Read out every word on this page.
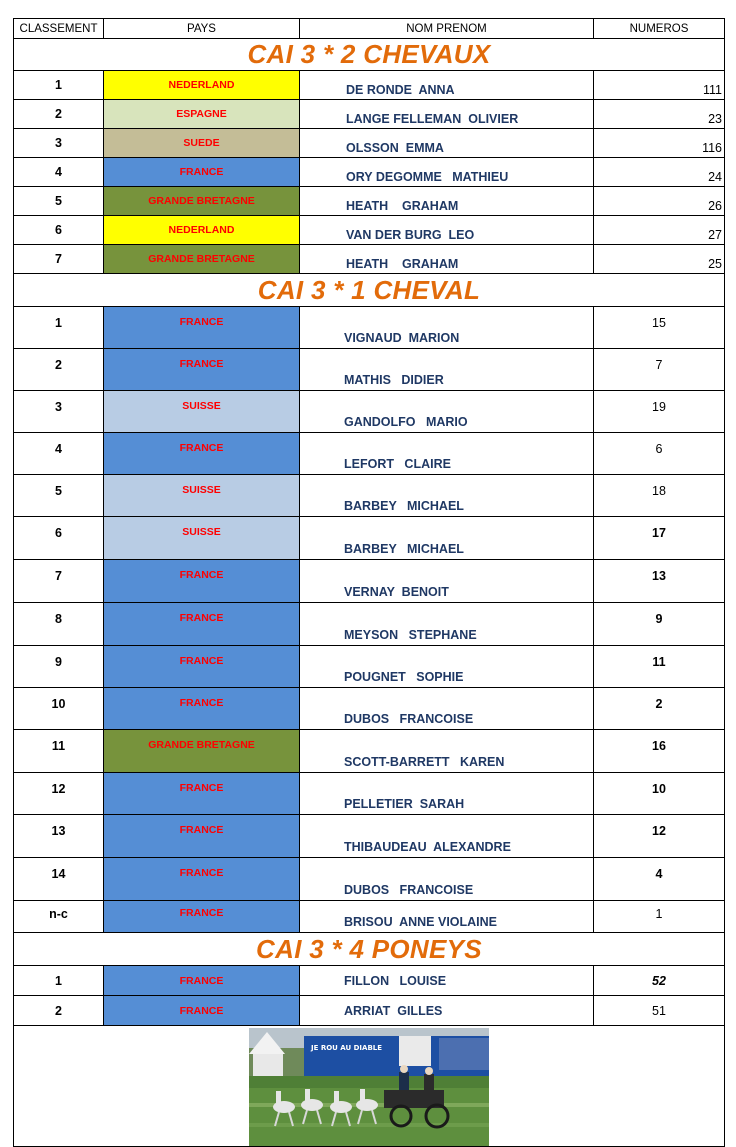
CLASSEMENT	PAYS	NOM PRENOM	NUMEROS
CAI 3 * 2 CHEVAUX			
1	NEDERLAND	DE RONDE  ANNA	111
2	ESPAGNE	LANGE FELLEMAN  OLIVIER	23
3	SUEDE	OLSSON  EMMA	116
4	FRANCE	ORY DEGOMME   MATHIEU	24
5	GRANDE BRETAGNE	HEATH    GRAHAM	26
6	NEDERLAND	VAN DER BURG  LEO	27
7	GRANDE BRETAGNE	HEATH    GRAHAM	25
CAI 3 * 1 CHEVAL			
1	FRANCE	VIGNAUD  MARION	15
2	FRANCE	MATHIS   DIDIER	7
3	SUISSE	GANDOLFO   MARIO	19
4	FRANCE	LEFORT   CLAIRE	6
5	SUISSE	BARBEY   MICHAEL	18
6	SUISSE	BARBEY   MICHAEL	17
7	FRANCE	VERNAY  BENOIT	13
8	FRANCE	MEYSON   STEPHANE	9
9	FRANCE	POUGNET   SOPHIE	11
10	FRANCE	DUBOS   FRANCOISE	2
11	GRANDE BRETAGNE	SCOTT-BARRETT   KAREN	16
12	FRANCE	PELLETIER  SARAH	10
13	FRANCE	THIBAUDEAU  ALEXANDRE	12
14	FRANCE	DUBOS   FRANCOISE	4
n-c	FRANCE	BRISOU  ANNE VIOLAINE	1
CAI 3 * 4 PONEYS			
1	FRANCE	FILLON   LOUISE	52
2	FRANCE	ARRIAT  GILLES	51

JE ROU AU DIABLE			
